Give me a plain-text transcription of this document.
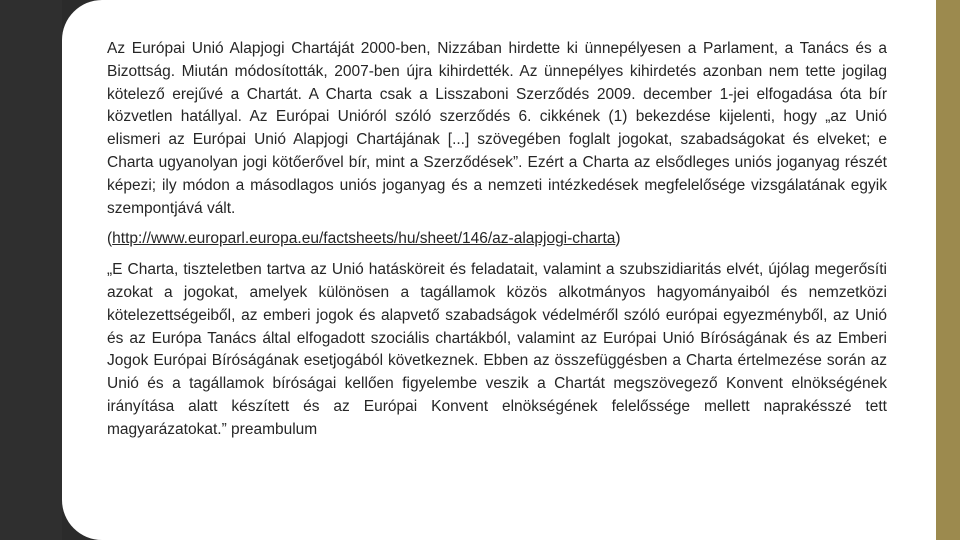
Az Európai Unió Alapjogi Chartáját 2000-ben, Nizzában hirdette ki ünnepélyesen a Parlament, a Tanács és a Bizottság. Miután módosították, 2007-ben újra kihirdették. Az ünnepélyes kihirdetés azonban nem tette jogilag kötelező erejűvé a Chartát. A Charta csak a Lisszaboni Szerződés 2009. december 1-jei elfogadása óta bír közvetlen hatállyal. Az Európai Unióról szóló szerződés 6. cikkének (1) bekezdése kijelenti, hogy „az Unió elismeri az Európai Unió Alapjogi Chartájának [...] szövegében foglalt jogokat, szabadságokat és elveket; e Charta ugyanolyan jogi kötőerővel bír, mint a Szerződések”. Ezért a Charta az elsődleges uniós joganyag részét képezi; ily módon a másodlagos uniós joganyag és a nemzeti intézkedések megfelelősége vizsgálatának egyik szempontjává vált.

(http://www.europarl.europa.eu/factsheets/hu/sheet/146/az-alapjogi-charta)

„E Charta, tiszteletben tartva az Unió hatásköreit és feladatait, valamint a szubszidiaritás elvét, újólag megerősíti azokat a jogokat, amelyek különösen a tagállamok közös alkotmányos hagyományaiból és nemzetközi kötelezettségeiből, az emberi jogok és alapvető szabadságok védelméről szóló európai egyezményből, az Unió és az Európa Tanács által elfogadott szociális chartákból, valamint az Európai Unió Bíróságának és az Emberi Jogok Európai Bíróságának esetjogából következnek. Ebben az összefüggésben a Charta értelmezése során az Unió és a tagállamok bíróságai kellően figyelembe veszik a Chartát megszövegező Konvent elnökségének irányítása alatt készített és az Európai Konvent elnökségének felelőssége mellett naprakésszé tett magyarázatokat.” preambulum
